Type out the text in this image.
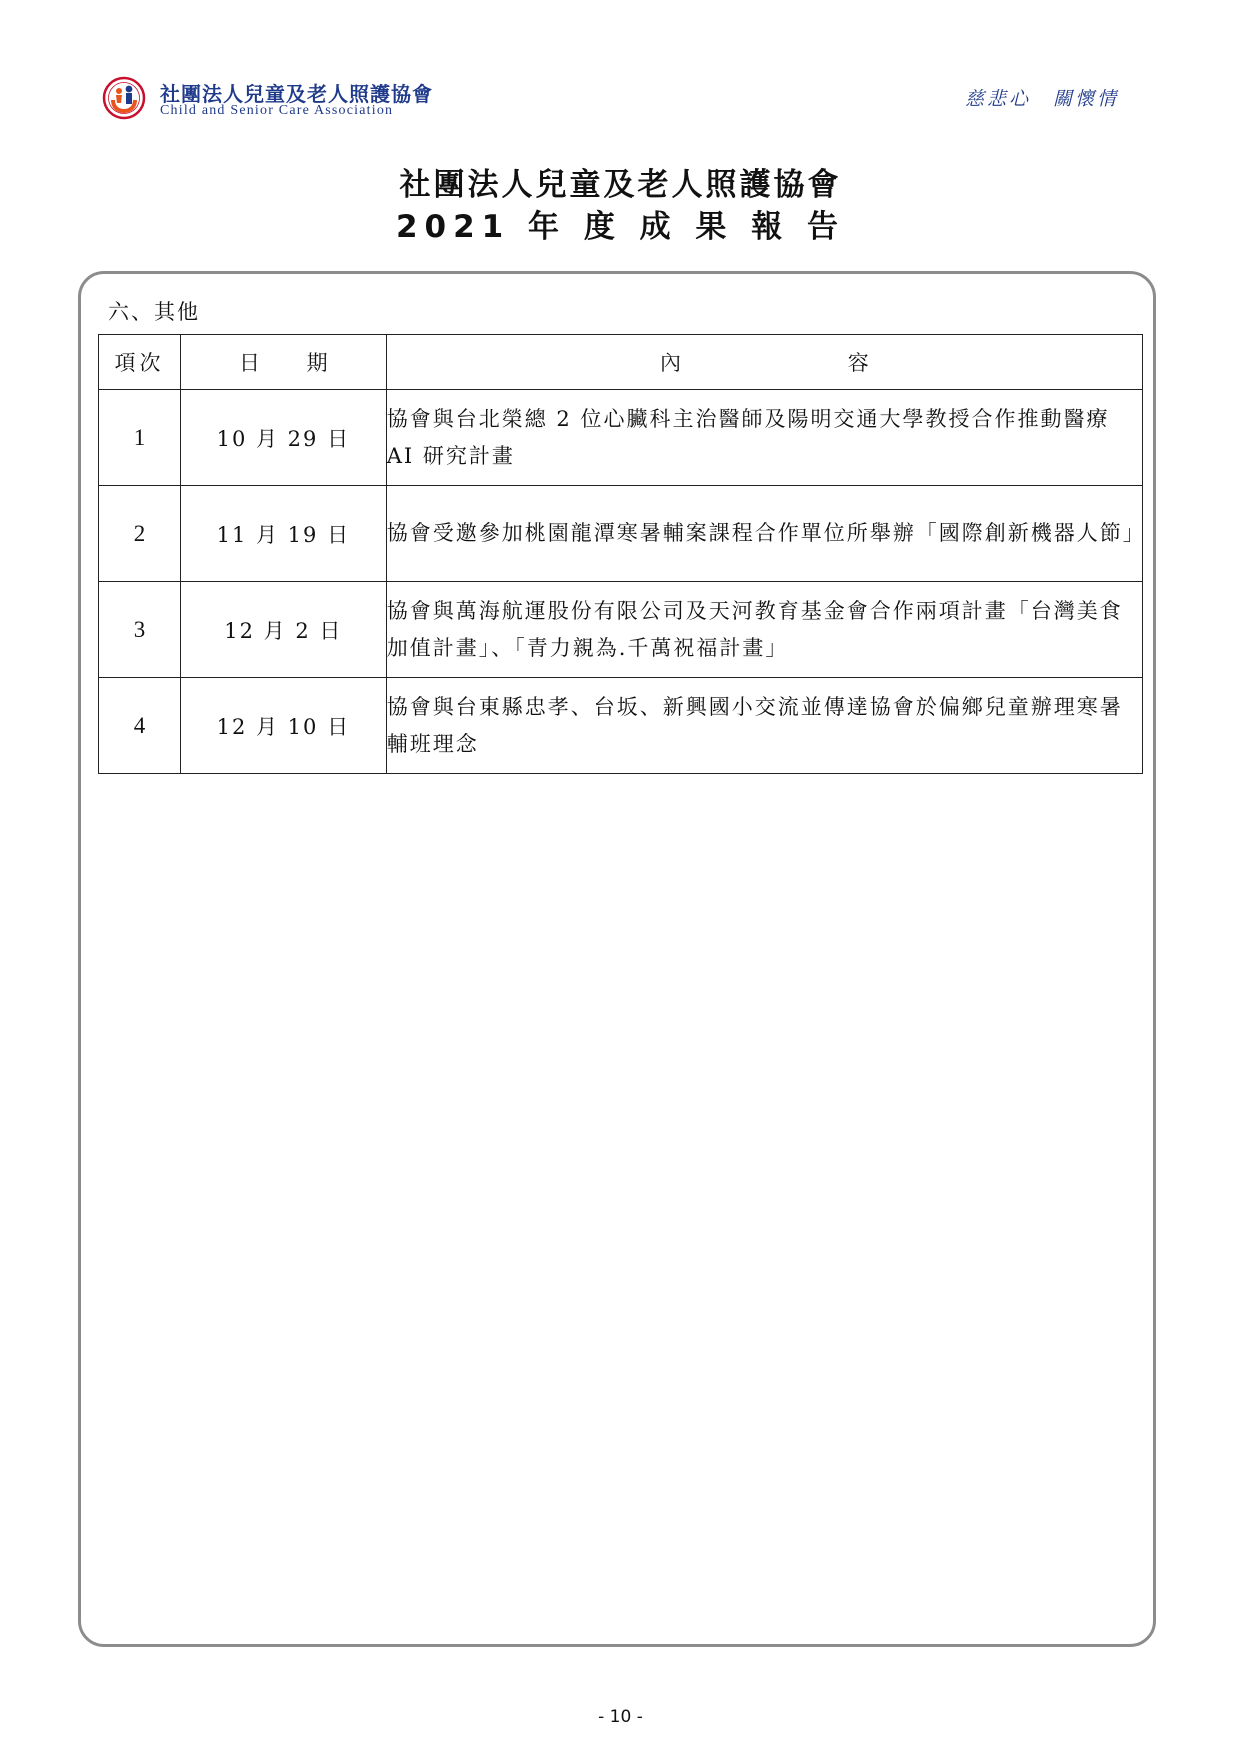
社團法人兒童及老人照護協會
Child and Senior Care Association
慈悲心　關懷情
社團法人兒童及老人照護協會
2021 年 度 成 果 報 告
六、其他
項次	日 期	內 容
1	10 月 29 日	協會與台北榮總 2 位心臟科主治醫師及陽明交通大學教授合作推動醫療 AI 研究計畫
2	11 月 19 日	協會受邀參加桃園龍潭寒暑輔案課程合作單位所舉辦「國際創新機器人節」
3	12 月 2 日	協會與萬海航運股份有限公司及天河教育基金會合作兩項計畫「台灣美食加值計畫」、「青力親為.千萬祝福計畫」
4	12 月 10 日	協會與台東縣忠孝、台坂、新興國小交流並傳達協會於偏鄉兒童辦理寒暑輔班理念
- 10 -
